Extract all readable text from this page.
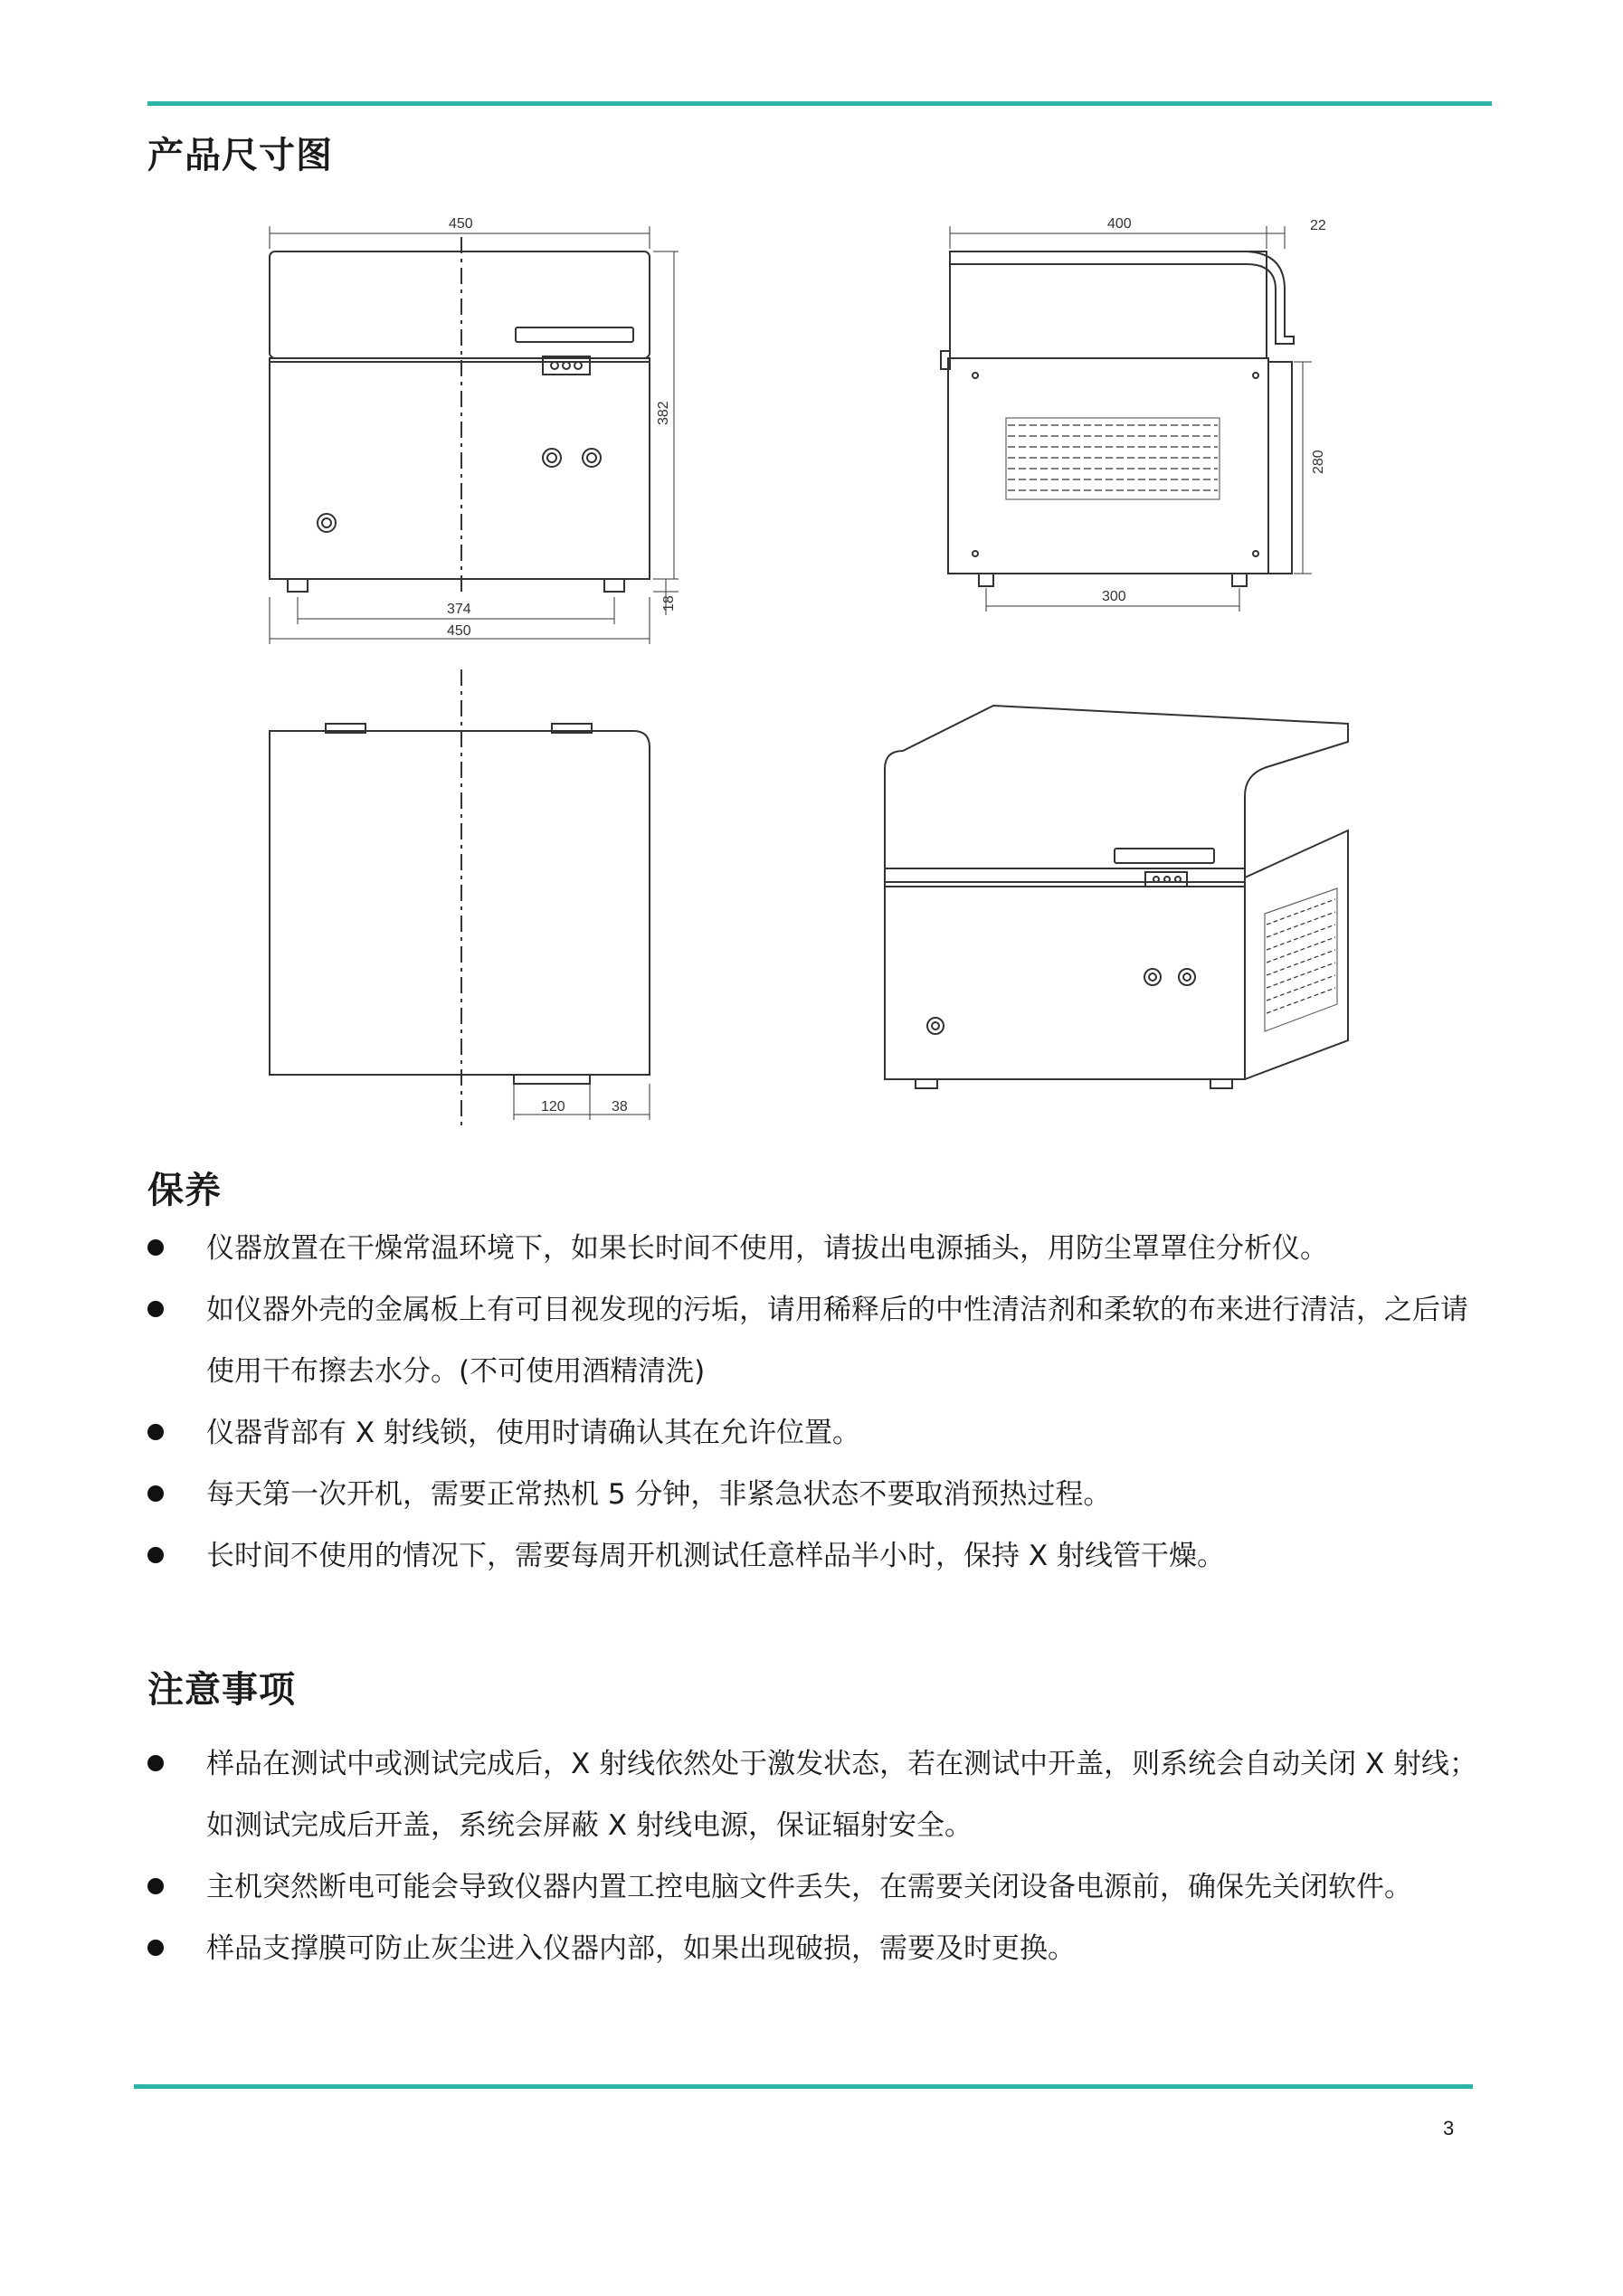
产品尺寸图
450
382
374
450
18
400	22
280
300
120	38
保养
仪器放置在干燥常温环境下，如果长时间不使用，请拔出电源插头，用防尘罩罩住分析仪。
如仪器外壳的金属板上有可目视发现的污垢，请用稀释后的中性清洁剂和柔软的布来进行清洁，之后请使用干布擦去水分。(不可使用酒精清洗)
仪器背部有 X 射线锁，使用时请确认其在允许位置。
每天第一次开机，需要正常热机 5 分钟，非紧急状态不要取消预热过程。
长时间不使用的情况下，需要每周开机测试任意样品半小时，保持 X 射线管干燥。
注意事项
样品在测试中或测试完成后，X 射线依然处于激发状态，若在测试中开盖，则系统会自动关闭 X 射线；如测试完成后开盖，系统会屏蔽 X 射线电源，保证辐射安全。
主机突然断电可能会导致仪器内置工控电脑文件丢失，在需要关闭设备电源前，确保先关闭软件。
样品支撑膜可防止灰尘进入仪器内部，如果出现破损，需要及时更换。
3
